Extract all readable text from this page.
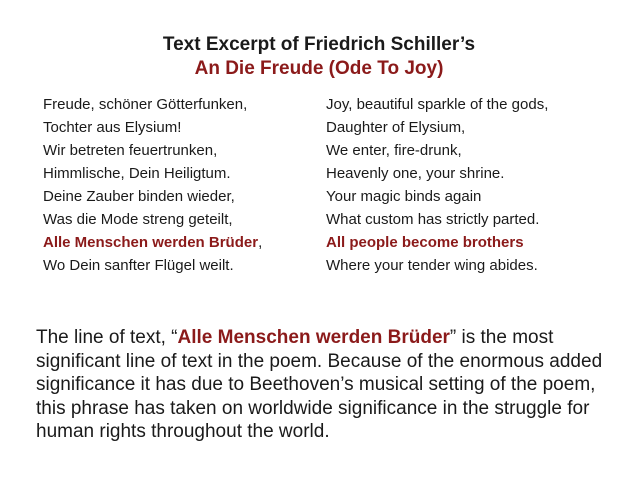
Text Excerpt of Friedrich Schiller’s
An Die Freude (Ode To Joy)
Freude, schöner Götterfunken,
Tochter aus Elysium!
Wir betreten feuertrunken,
Himmlische, Dein Heiligtum.
Deine Zauber binden wieder,
Was die Mode streng geteilt,
Alle Menschen werden Brüder,
Wo Dein sanfter Flügel weilt.
Joy, beautiful sparkle of the gods,
Daughter of Elysium,
We enter, fire-drunk,
Heavenly one, your shrine.
Your magic binds again
What custom has strictly parted.
All people become brothers
Where your tender wing abides.

The line of text, “Alle Menschen werden Brüder” is the most significant line of text in the poem. Because of the enormous added significance it has due to Beethoven’s musical setting of the poem, this phrase has taken on worldwide significance in the struggle for human rights throughout the world.
